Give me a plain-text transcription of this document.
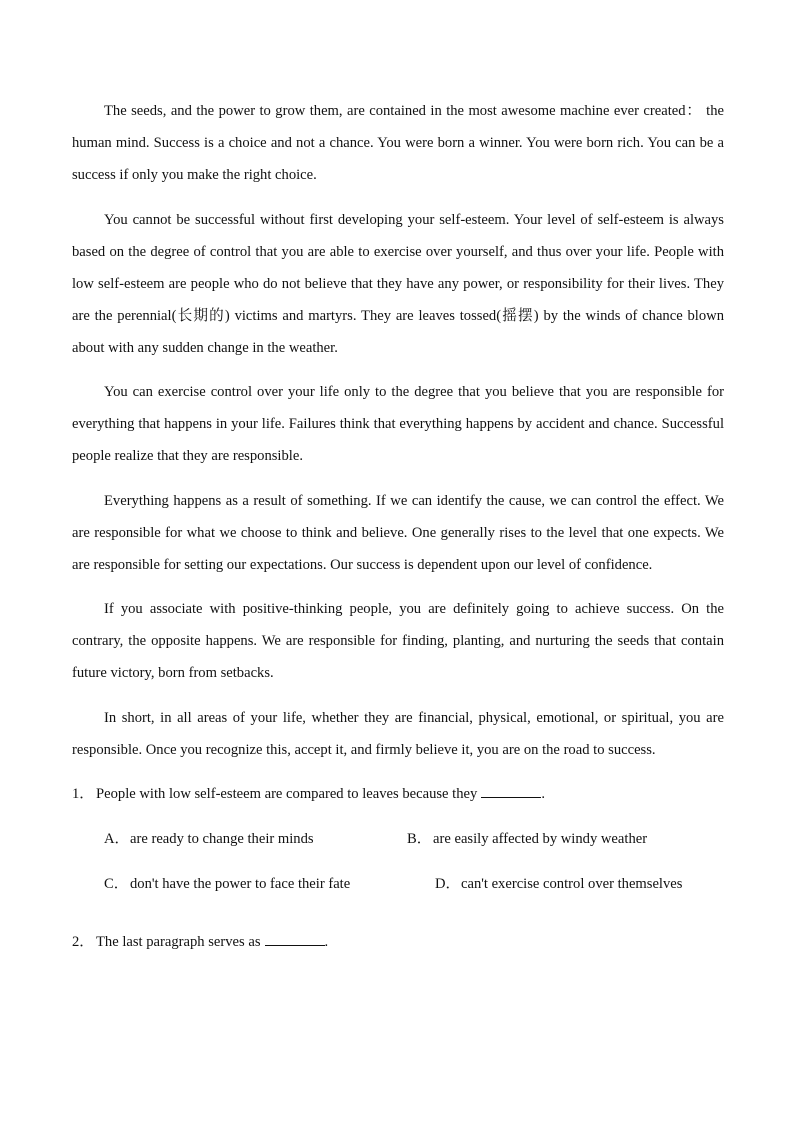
The seeds, and the power to grow them, are contained in the most awesome machine ever created： the human mind. Success is a choice and not a chance. You were born a winner. You were born rich. You can be a success if only you make the right choice.

You cannot be successful without first developing your self-esteem. Your level of self-esteem is always based on the degree of control that you are able to exercise over yourself, and thus over your life. People with low self-esteem are people who do not believe that they have any power, or responsibility for their lives. They are the perennial(长期的) victims and martyrs. They are leaves tossed(摇摆) by the winds of chance blown about with any sudden change in the weather.

You can exercise control over your life only to the degree that you believe that you are responsible for everything that happens in your life. Failures think that everything happens by accident and chance. Successful people realize that they are responsible.

Everything happens as a result of something. If we can identify the cause, we can control the effect. We are responsible for what we choose to think and believe. One generally rises to the level that one expects. We are responsible for setting our expectations. Our success is dependent upon our level of confidence.

If you associate with positive-thinking people, you are definitely going to achieve success. On the contrary, the opposite happens. We are responsible for finding, planting, and nurturing the seeds that contain future victory, born from setbacks.

In short, in all areas of your life, whether they are financial, physical, emotional, or spiritual, you are responsible. Once you recognize this, accept it, and firmly believe it, you are on the road to success.

1． People with low self-esteem are compared to leaves because they	.
A．are ready to change their minds	B． are easily affected by windy weather
C． don't have the power to face their fate	D．can't exercise control over themselves
2． The last paragraph serves as	.
